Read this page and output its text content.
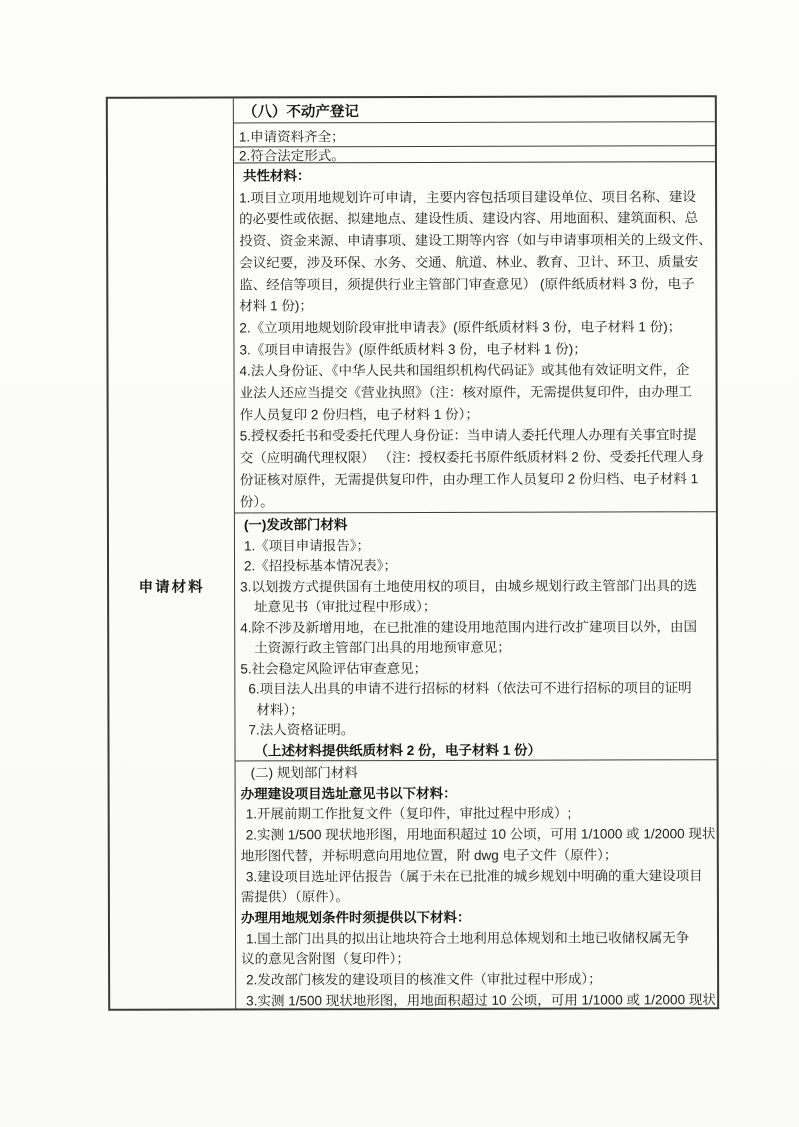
（八）不动产登记
1.申请资料齐全；
2.符合法定形式。
申请材料
共性材料：
1.项目立项用地规划许可申请，主要内容包括项目建设单位、项目名称、建设
的必要性或依据、拟建地点、建设性质、建设内容、用地面积、建筑面积、总
投资、资金来源、申请事项、建设工期等内容（如与申请事项相关的上级文件、
会议纪要，涉及环保、水务、交通、航道、林业、教育、卫计、环卫、质量安
监、经信等项目，须提供行业主管部门审查意见） (原件纸质材料 3 份，电子
材料 1 份)；
2.《立项用地规划阶段审批申请表》(原件纸质材料 3 份，电子材料 1 份)；
3.《项目申请报告》(原件纸质材料 3 份，电子材料 1 份)；
4.法人身份证、《中华人民共和国组织机构代码证》或其他有效证明文件，企
业法人还应当提交《营业执照》（注：核对原件，无需提供复印件，由办理工
作人员复印 2 份归档，电子材料 1 份）；
5.授权委托书和受委托代理人身份证：当申请人委托代理人办理有关事宜时提
交（应明确代理权限） （注：授权委托书原件纸质材料 2 份、受委托代理人身
份证核对原件，无需提供复印件，由办理工作人员复印 2 份归档、电子材料 1
份）。
(一)发改部门材料
1.《项目申请报告》；
2.《招投标基本情况表》；
3.以划拨方式提供国有土地使用权的项目，由城乡规划行政主管部门出具的选
址意见书（审批过程中形成）；
4.除不涉及新增用地，在已批准的建设用地范围内进行改扩建项目以外，由国
土资源行政主管部门出具的用地预审意见；
5.社会稳定风险评估审查意见；
6.项目法人出具的申请不进行招标的材料（依法可不进行招标的项目的证明
材料）；
7.法人资格证明。
（上述材料提供纸质材料 2 份，电子材料 1 份）
(二) 规划部门材料
办理建设项目选址意见书以下材料：
1.开展前期工作批复文件（复印件，审批过程中形成）;
2.实测 1/500 现状地形图，用地面积超过 10 公顷，可用 1/1000 或 1/2000 现状
地形图代替，并标明意向用地位置，附 dwg 电子文件（原件）；
3.建设项目选址评估报告（属于未在已批准的城乡规划中明确的重大建设项目
需提供）（原件）。
办理用地规划条件时须提供以下材料：
1.国土部门出具的拟出让地块符合土地利用总体规划和土地已收储权属无争
议的意见含附图（复印件）；
2.发改部门核发的建设项目的核准文件（审批过程中形成）；
3.实测 1/500 现状地形图，用地面积超过 10 公顷，可用 1/1000 或 1/2000 现状
